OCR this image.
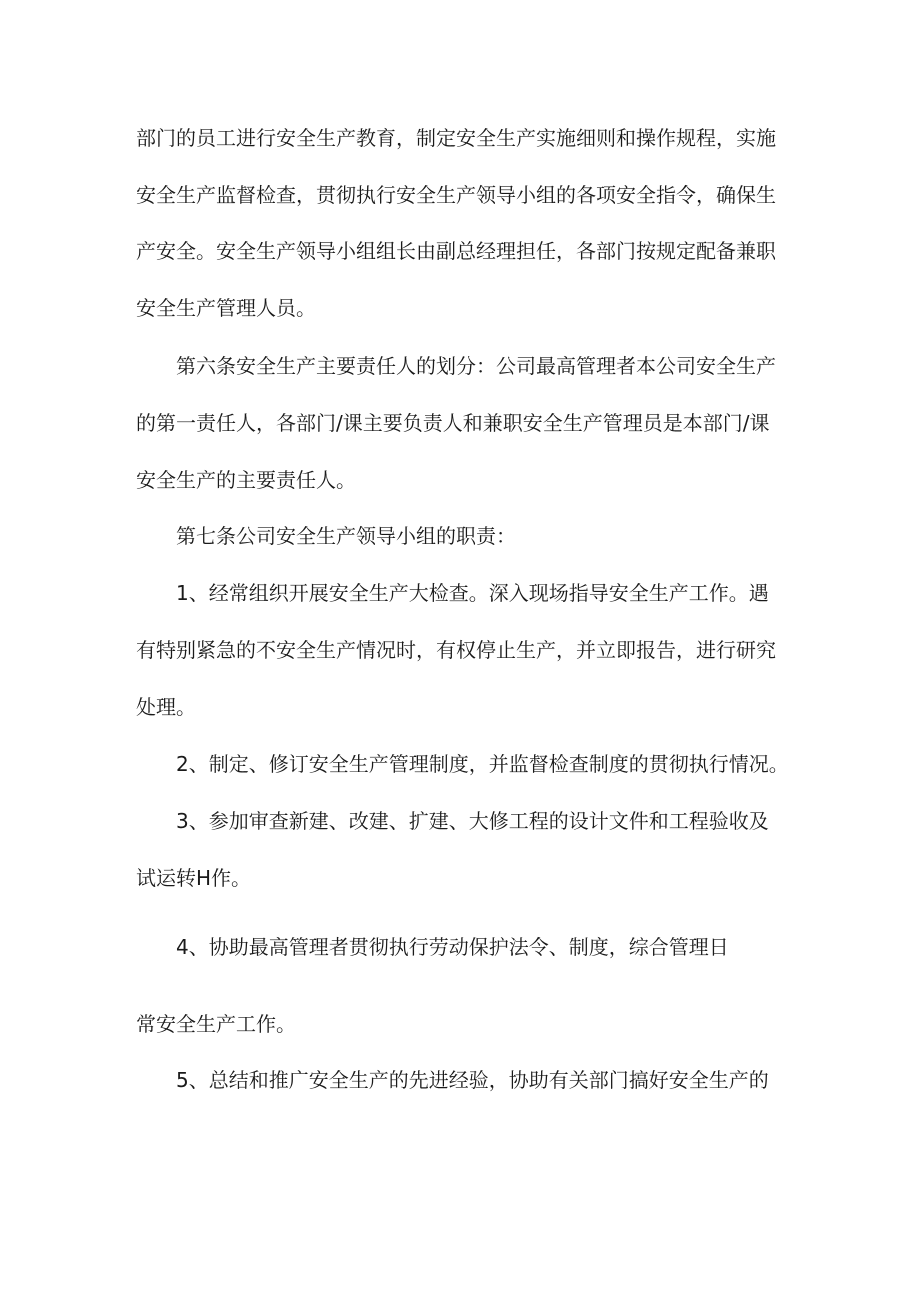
部门的员工进行安全生产教育，制定安全生产实施细则和操作规程，实施
安全生产监督检查，贯彻执行安全生产领导小组的各项安全指令，确保生
产安全。安全生产领导小组组长由副总经理担任，各部门按规定配备兼职
安全生产管理人员。
第六条安全生产主要责任人的划分：公司最高管理者本公司安全生产
的第一责任人，各部门/课主要负责人和兼职安全生产管理员是本部门/课
安全生产的主要责任人。
第七条公司安全生产领导小组的职责：
1、经常组织开展安全生产大检查。深入现场指导安全生产工作。遇
有特别紧急的不安全生产情况时，有权停止生产，并立即报告，进行研究
处理。
2、制定、修订安全生产管理制度，并监督检查制度的贯彻执行情况。
3、参加审查新建、改建、扩建、大修工程的设计文件和工程验收及
试运转H作。
4、协助最高管理者贯彻执行劳动保护法令、制度，综合管理日
常安全生产工作。
5、总结和推广安全生产的先进经验，协助有关部门搞好安全生产的
